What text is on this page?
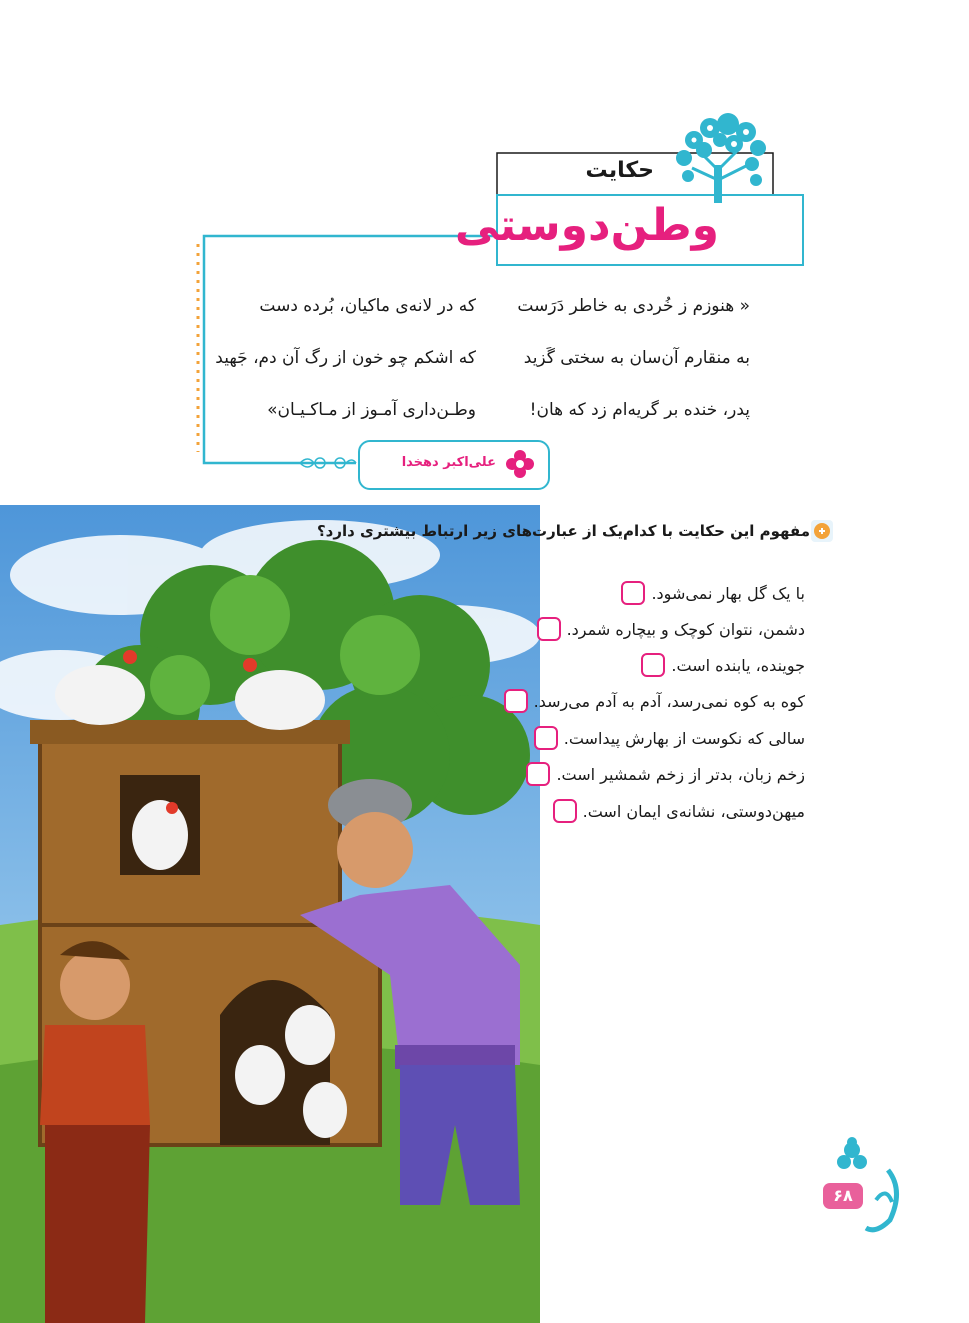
حکایت
وطن‌دوستی
« هنوزم ز خُردی به خاطر دَرَست
به منقارم آن‌سان به سختی گَزید
پدر، خنده بر گریه‌ام زد که هان!
که در لانه‌ی ماکیان، بُرده دست
که اشکم چو خون از رگ آن دم، جَهید
وطـن‌داری آمـوز از مـاکـیـان»
علی‌اکبر دهخدا
مفهوم این حکایت با کدام‌یک از عبارت‌های زیر ارتباط بیشتری دارد؟
با یک گل بهار نمی‌شود.
دشمن، نتوان کوچک و بیچاره شمرد.
جوینده، یابنده است.
کوه به کوه نمی‌رسد، آدم به آدم می‌رسد.
سالی که نکوست از بهارش پیداست.
زخم زبان، بدتر از زخم شمشیر است.
میهن‌دوستی، نشانه‌ی ایمان است.
۶۸
